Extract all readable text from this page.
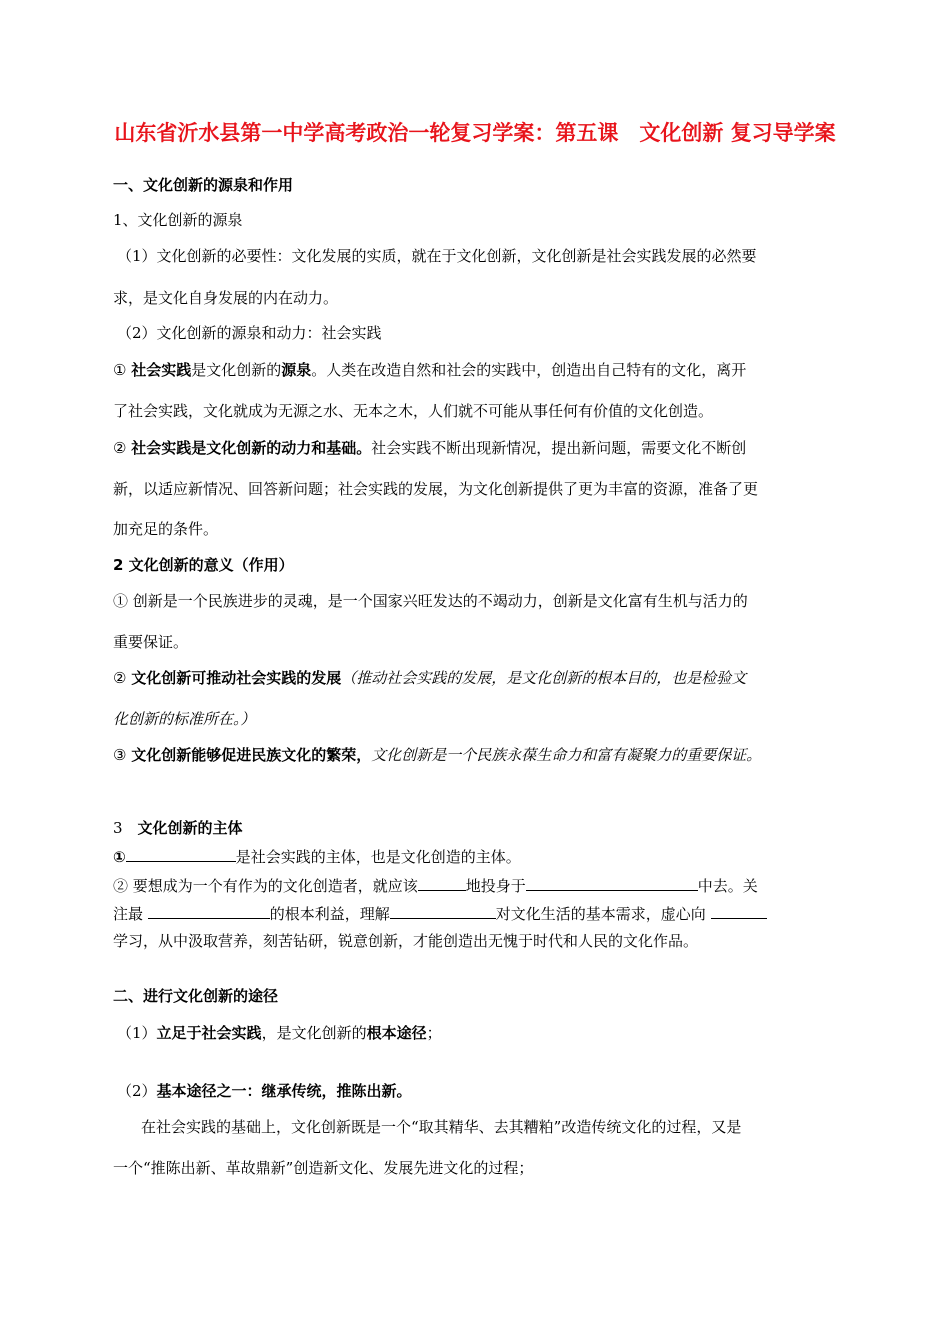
山东省沂水县第一中学高考政治一轮复习学案：第五课　文化创新 复习导学案
一、文化创新的源泉和作用
1、文化创新的源泉
（1）文化创新的必要性：文化发展的实质，就在于文化创新，文化创新是社会实践发展的必然要
求，是文化自身发展的内在动力。
（2）文化创新的源泉和动力：社会实践
① 社会实践是文化创新的源泉。人类在改造自然和社会的实践中，创造出自己特有的文化，离开
了社会实践，文化就成为无源之水、无本之木，人们就不可能从事任何有价值的文化创造。
② 社会实践是文化创新的动力和基础。社会实践不断出现新情况，提出新问题，需要文化不断创
新，以适应新情况、回答新问题；社会实践的发展，为文化创新提供了更为丰富的资源，准备了更
加充足的条件。
2 文化创新的意义（作用）
① 创新是一个民族进步的灵魂，是一个国家兴旺发达的不竭动力，创新是文化富有生机与活力的
重要保证。
② 文化创新可推动社会实践的发展（推动社会实践的发展，是文化创新的根本目的，也是检验文
化创新的标准所在。）
③ 文化创新能够促进民族文化的繁荣，文化创新是一个民族永葆生命力和富有凝聚力的重要保证。
3　文化创新的主体
①	是社会实践的主体，也是文化创造的主体。
② 要想成为一个有作为的文化创造者，就应该	地投身于	中去。关
注最	的根本利益，理解	对文化生活的基本需求，虚心向
学习，从中汲取营养，刻苦钻研，锐意创新，才能创造出无愧于时代和人民的文化作品。
二、进行文化创新的途径
（1）立足于社会实践，是文化创新的根本途径；
（2）基本途径之一：继承传统，推陈出新。
在社会实践的基础上，文化创新既是一个“取其精华、去其糟粕”改造传统文化的过程，又是
一个“推陈出新、革故鼎新”创造新文化、发展先进文化的过程；
